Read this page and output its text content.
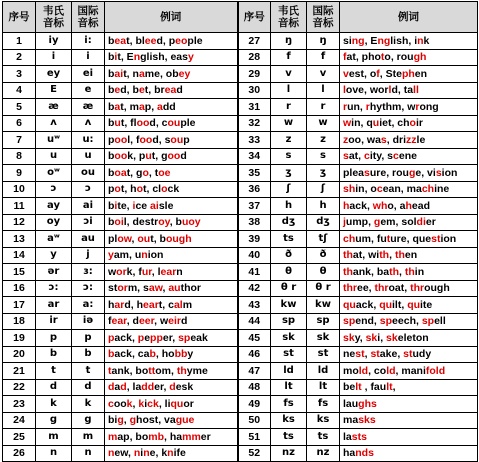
序号	韦氏音标	国际音标	例词	序号	韦氏音标	国际音标	例词
1	iy	i:	beat, bleed, people	27	ŋ	ŋ	sing, English, ink
2	i	i	bit, English, easy	28	f	f	fat, photo, rough
3	ey	ei	bait, name, obey	29	v	v	vest, of, Stephen
4	E	e	bed, bet, bread	30	l	l	love, world, tall
5	æ	æ	bat, map, add	31	r	r	run, rhythm, wrong
6	ʌ	ʌ	but, flood, couple	32	w	w	win, quiet, choir
7	uʷ	u:	pool, food, soup	33	z	z	zoo, was, drizzle
8	u	u	book, put, good	34	s	s	sat, city, scene
9	oʷ	ou	boat, go, toe	35	ʒ	ʒ	pleasure, rouge, vision
10	ɔ	ɔ	pot, hot, clock	36	ʃ	ʃ	shin, ocean, machine
11	ay	ai	bite, ice aisle	37	h	h	hack, who, ahead
12	oy	ɔi	boil, destroy, buoy	38	dʒ	dʒ	jump, gem, soldier
13	aʷ	au	plow, out, bough	39	ts	tʃ	chum, future, question
14	y	j	yam, union	40	ð	ð	that, with, then
15	ər	ɜ:	work, fur, learn	41	θ	θ	thank, bath, thin
16	ɔ:	ɔ:	storm, saw, author	42	θ r	θ r	three, throat, through
17	ar	a:	hard, heart, calm	43	kw	kw	quack, quilt, quite
18	ir	iə	fear, deer, weird	44	sp	sp	spend, speech, spell
19	p	p	pack, pepper, speak	45	sk	sk	sky, ski, skeleton
20	b	b	back, cab, hobby	46	st	st	nest, stake, study
21	t	t	tank, bottom, thyme	47	ld	ld	mold, cold, manifold
22	d	d	dad, ladder, desk	48	lt	lt	belt , fault,
23	k	k	cook, kick, liquor	49	fs	fs	laughs
24	g	g	big, ghost, vague	50	ks	ks	masks
25	m	m	map, bomb, hammer	51	ts	ts	lasts
26	n	n	new, nine, knife	52	nz	nz	hands
